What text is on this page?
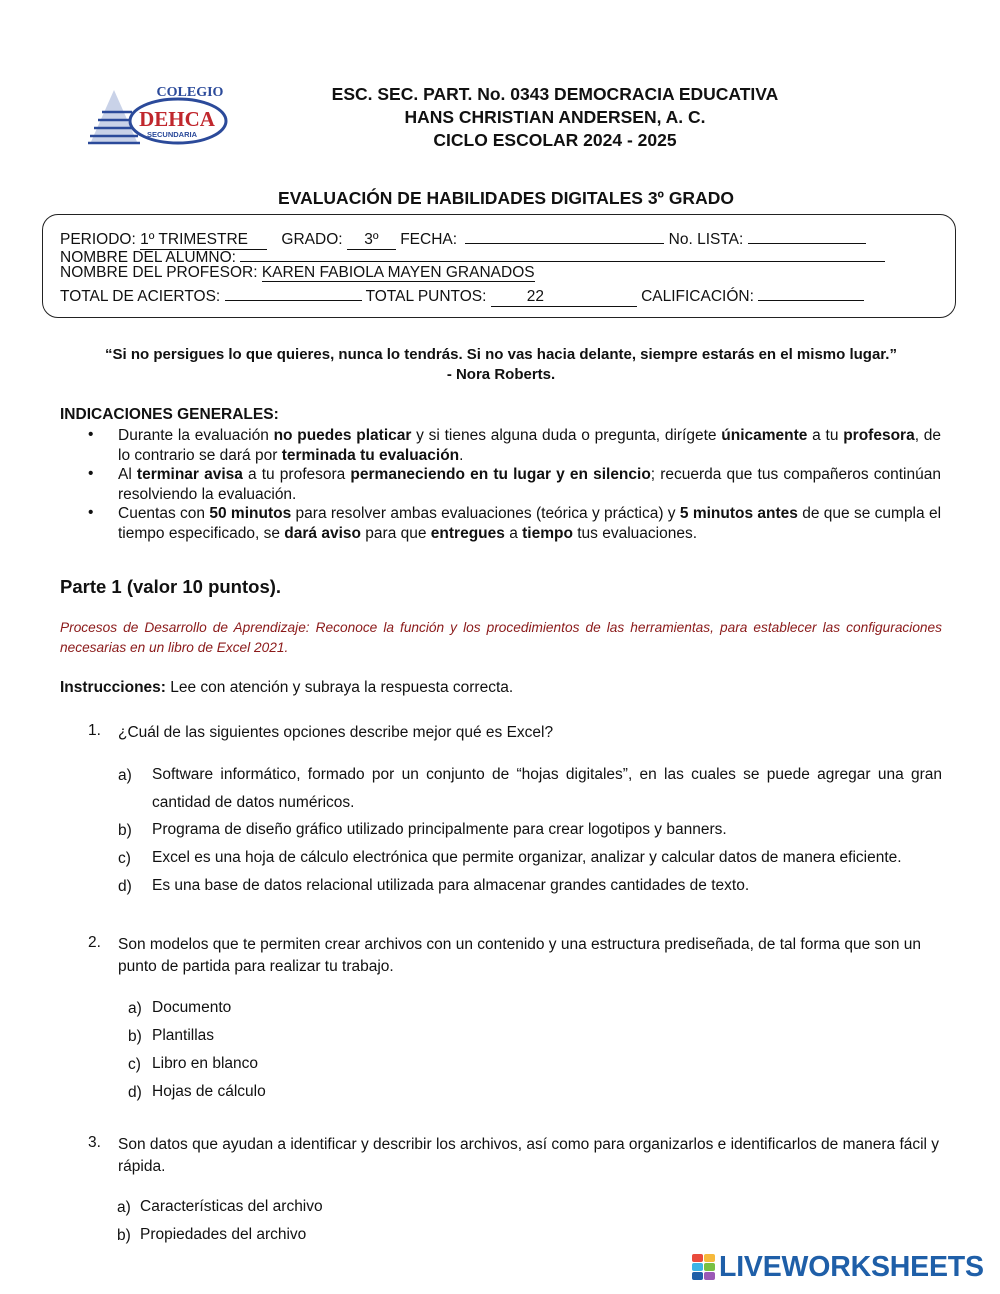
COLEGIO
DEHCA
SECUNDARIA
ESC. SEC. PART. No. 0343 DEMOCRACIA EDUCATIVA
HANS CHRISTIAN ANDERSEN, A. C.
CICLO ESCOLAR 2024 - 2025
EVALUACIÓN DE HABILIDADES DIGITALES 3º GRADO
PERIODO: 1º TRIMESTRE GRADO: 3º FECHA:	No. LISTA:
NOMBRE DEL ALUMNO:
NOMBRE DEL PROFESOR: KAREN FABIOLA MAYEN GRANADOS
TOTAL DE ACIERTOS:	TOTAL PUNTOS:	22	CALIFICACIÓN:
“Si no persigues lo que quieres, nunca lo tendrás. Si no vas hacia delante, siempre estarás en el mismo lugar.”
- Nora Roberts.
INDICACIONES GENERALES:
• Durante la evaluación no puedes platicar y si tienes alguna duda o pregunta, dirígete únicamente a tu profesora, de lo contrario se dará por terminada tu evaluación.
• Al terminar avisa a tu profesora permaneciendo en tu lugar y en silencio; recuerda que tus compañeros continúan resolviendo la evaluación.
• Cuentas con 50 minutos para resolver ambas evaluaciones (teórica y práctica) y 5 minutos antes de que se cumpla el tiempo especificado, se dará aviso para que entregues a tiempo tus evaluaciones.
Parte 1 (valor 10 puntos).
Procesos de Desarrollo de Aprendizaje: Reconoce la función y los procedimientos de las herramientas, para establecer las configuraciones necesarias en un libro de Excel 2021.
Instrucciones: Lee con atención y subraya la respuesta correcta.
1. ¿Cuál de las siguientes opciones describe mejor qué es Excel?
a) Software informático, formado por un conjunto de “hojas digitales”, en las cuales se puede agregar una gran cantidad de datos numéricos.
b) Programa de diseño gráfico utilizado principalmente para crear logotipos y banners.
c) Excel es una hoja de cálculo electrónica que permite organizar, analizar y calcular datos de manera eficiente.
d) Es una base de datos relacional utilizada para almacenar grandes cantidades de texto.
2. Son modelos que te permiten crear archivos con un contenido y una estructura prediseñada, de tal forma que son un punto de partida para realizar tu trabajo.
a) Documento
b) Plantillas
c) Libro en blanco
d) Hojas de cálculo
3. Son datos que ayudan a identificar y describir los archivos, así como para organizarlos e identificarlos de manera fácil y rápida.
a) Características del archivo
b) Propiedades del archivo
LIVEWORKSHEETS
